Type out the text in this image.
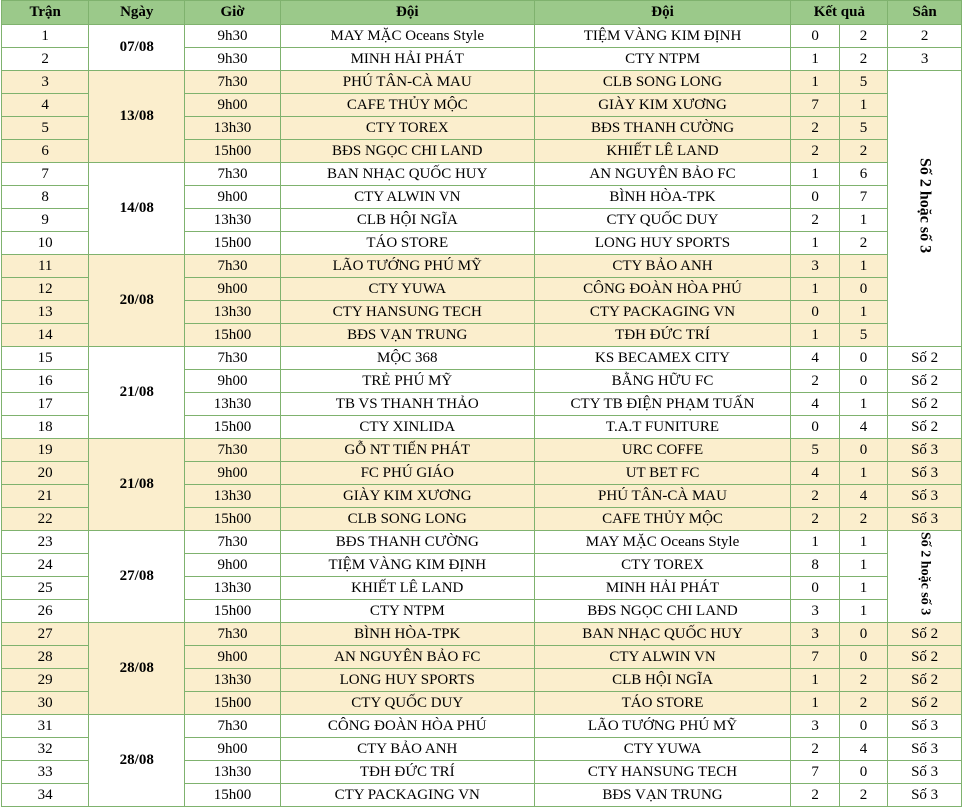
Trận	Ngày	Giờ	Đội	Đội	Kết quả		Sân
1	07/08	9h30	MAY MẶC Oceans Style	TIỆM VÀNG KIM ĐỊNH	0	2	2
2		9h30	MINH HẢI PHÁT	CTY NTPM	1	2	3
3	13/08	7h30	PHÚ TÂN-CÀ MAU	CLB SONG LONG	1	5	Số 2 hoặc số 3
4		9h00	CAFE THỦY MỘC	GIÀY KIM XƯƠNG	7	1	
5		13h30	CTY TOREX	BĐS THANH CƯỜNG	2	5	
6		15h00	BĐS NGỌC CHI LAND	KHIẾT LÊ LAND	2	2	
7	14/08	7h30	BAN NHẠC QUỐC HUY	AN NGUYÊN BẢO FC	1	6	
8		9h00	CTY ALWIN VN	BÌNH HÒA-TPK	0	7	
9		13h30	CLB HỘI NGĨA	CTY QUỐC DUY	2	1	
10		15h00	TÁO STORE	LONG HUY SPORTS	1	2	
11	20/08	7h30	LÃO TƯỚNG PHÚ MỸ	CTY BẢO ANH	3	1	
12		9h00	CTY YUWA	CÔNG ĐOÀN HÒA PHÚ	1	0	
13		13h30	CTY HANSUNG TECH	CTY PACKAGING VN	0	1	
14		15h00	BĐS VẠN TRUNG	TĐH ĐỨC TRÍ	1	5	
15	21/08	7h30	MỘC 368	KS BECAMEX CITY	4	0	Số 2
16		9h00	TRẺ PHÚ MỸ	BẰNG HỮU FC	2	0	Số 2
17		13h30	TB VS THANH THẢO	CTY TB ĐIỆN PHẠM TUẤN	4	1	Số 2
18		15h00	CTY XINLIDA	T.A.T FUNITURE	0	4	Số 2
19	21/08	7h30	GỖ NT TIẾN PHÁT	URC COFFE	5	0	Số 3
20		9h00	FC PHÚ GIÁO	UT BET FC	4	1	Số 3
21		13h30	GIÀY KIM XƯƠNG	PHÚ TÂN-CÀ MAU	2	4	Số 3
22		15h00	CLB SONG LONG	CAFE THỦY MỘC	2	2	Số 3
23	27/08	7h30	BĐS THANH CƯỜNG	MAY MẶC Oceans Style	1	1	Số 2 hoặc số 3
24		9h00	TIỆM VÀNG KIM ĐỊNH	CTY TOREX	8	1	
25		13h30	KHIẾT LÊ LAND	MINH HẢI PHÁT	0	1	
26		15h00	CTY NTPM	BĐS NGỌC CHI LAND	3	1	
27	28/08	7h30	BÌNH HÒA-TPK	BAN NHẠC QUỐC HUY	3	0	Số 2
28		9h00	AN NGUYÊN BẢO FC	CTY ALWIN VN	7	0	Số 2
29		13h30	LONG HUY SPORTS	CLB HỘI NGĨA	1	2	Số 2
30		15h00	CTY QUỐC DUY	TÁO STORE	1	2	Số 2
31	28/08	7h30	CÔNG ĐOÀN HÒA PHÚ	LÃO TƯỚNG PHÚ MỸ	3	0	Số 3
32		9h00	CTY BẢO ANH	CTY YUWA	2	4	Số 3
33		13h30	TĐH ĐỨC TRÍ	CTY HANSUNG TECH	7	0	Số 3
34		15h00	CTY PACKAGING VN	BĐS VẠN TRUNG	2	2	Số 3
